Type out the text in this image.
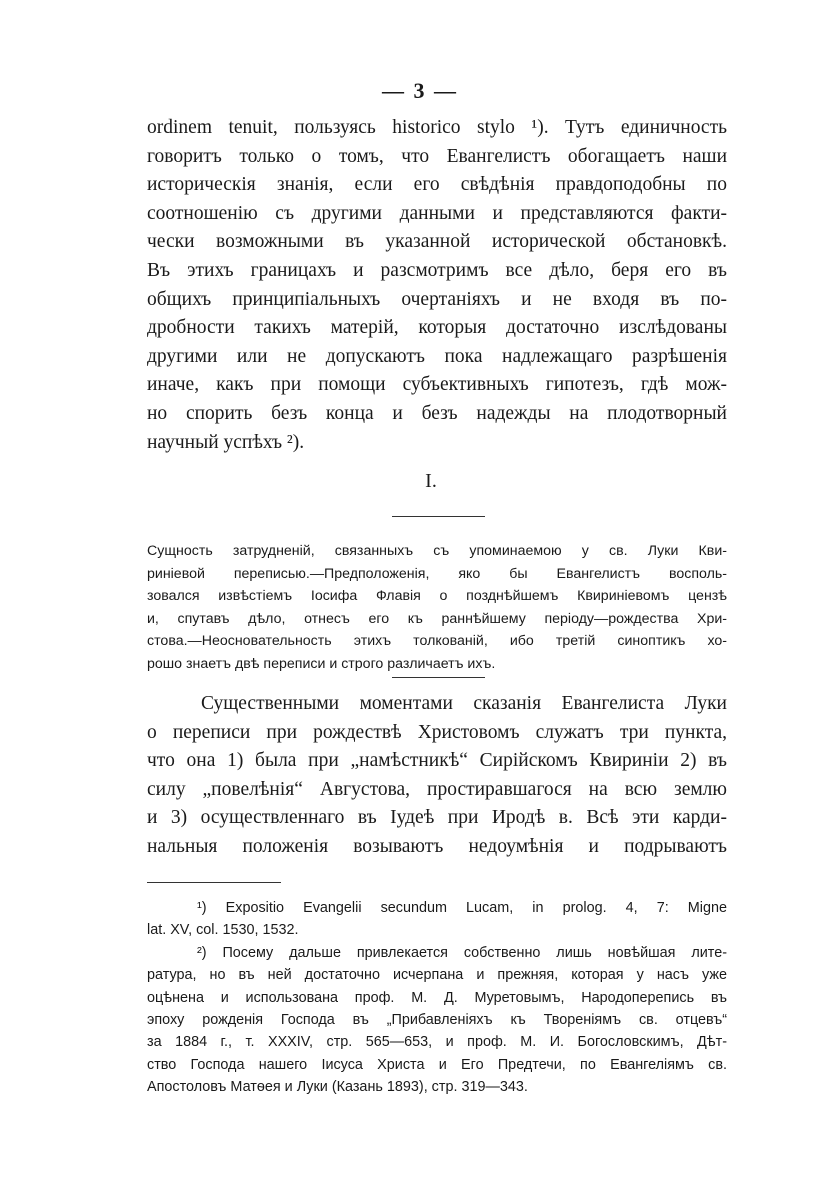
— 3 —
ordinem tenuit, пользуясь historico stylo ¹). Тутъ единичность
говоритъ только о томъ, что Евангелистъ обогащаетъ наши
историческія знанія, если его свѣдѣнія правдоподобны по
соотношенію съ другими данными и представляются факти-
чески возможными въ указанной исторической обстановкѣ.
Въ этихъ границахъ и разсмотримъ все дѣло, беря его въ
общихъ принципіальныхъ очертаніяхъ и не входя въ по-
дробности такихъ матерій, которыя достаточно изслѣдованы
другими или не допускаютъ пока надлежащаго разрѣшенія
иначе, какъ при помощи субъективныхъ гипотезъ, гдѣ мож-
но спорить безъ конца и безъ надежды на плодотворный
научный успѣхъ ²).
I.
Сущность затрудненій, связанныхъ съ упоминаемою у св. Луки Кви-
риніевой переписью.—Предположенія, яко бы Евангелистъ восполь-
зовался извѣстіемъ Іосифа Флавія о позднѣйшемъ Квириніевомъ цензѣ
и, спутавъ дѣло, отнесъ его къ раннѣйшему періоду—рождества Хри-
стова.—Неосновательность этихъ толкованій, ибо третій синоптикъ хо-
рошо знаетъ двѣ переписи и строго различаетъ ихъ.
Существенными моментами сказанія Евангелиста Луки
о переписи при рождествѣ Христовомъ служатъ три пункта,
что она 1) была при „намѣстникѣ“ Сирійскомъ Квириніи 2) въ
силу „повелѣнія“ Августова, простиравшагося на всю землю
и 3) осуществленнаго въ Іудеѣ при Иродѣ в. Всѣ эти карди-
нальныя положенія возываютъ недоумѣнія и подрываютъ
¹) Expositio Evangelii secundum Lucam, in prolog. 4, 7: Migne
lat. XV, col. 1530, 1532.
²) Посему дальше привлекается собственно лишь новѣйшая лите-
ратура, но въ ней достаточно исчерпана и прежняя, которая у насъ уже
оцѣнена и использована проф. М. Д. Муретовымъ, Народоперепись въ
эпоху рожденія Господа въ „Прибавленіяхъ къ Твореніямъ св. отцевъ“
за 1884 г., т. XXXIV, стр. 565—653, и проф. М. И. Богословскимъ, Дѣт-
ство Господа нашего Іисуса Христа и Его Предтечи, по Евангеліямъ св.
Апостоловъ Матѳея и Луки (Казань 1893), стр. 319—343.
